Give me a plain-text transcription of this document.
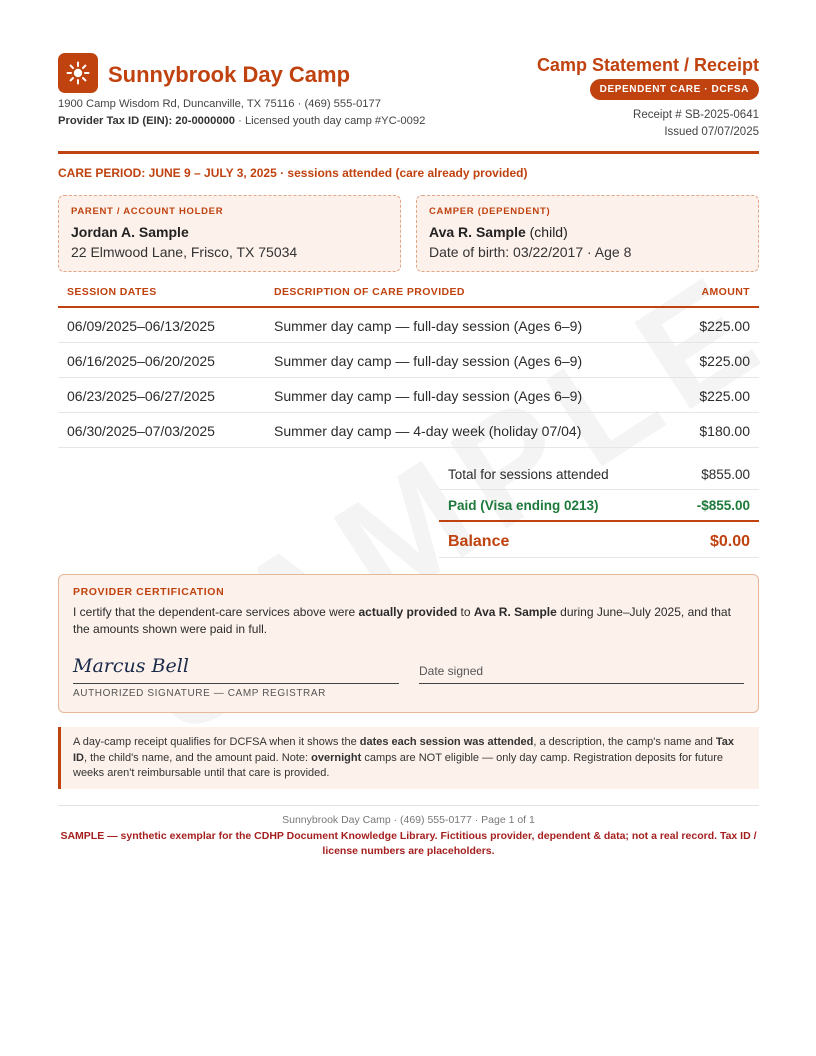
Sunnybrook Day Camp
1900 Camp Wisdom Rd, Duncanville, TX 75116 · (469) 555-0177
Provider Tax ID (EIN): 20-0000000 · Licensed youth day camp #YC-0092
Camp Statement / Receipt
DEPENDENT CARE · DCFSA
Receipt # SB-2025-0641
Issued 07/07/2025
CARE PERIOD: JUNE 9 – JULY 3, 2025 · sessions attended (care already provided)
PARENT / ACCOUNT HOLDER
Jordan A. Sample
22 Elmwood Lane, Frisco, TX 75034
CAMPER (DEPENDENT)
Ava R. Sample (child)
Date of birth: 03/22/2017 · Age 8
SESSION DATES	DESCRIPTION OF CARE PROVIDED	AMOUNT
06/09/2025–06/13/2025	Summer day camp — full-day session (Ages 6–9)	$225.00
06/16/2025–06/20/2025	Summer day camp — full-day session (Ages 6–9)	$225.00
06/23/2025–06/27/2025	Summer day camp — full-day session (Ages 6–9)	$225.00
06/30/2025–07/03/2025	Summer day camp — 4-day week (holiday 07/04)	$180.00
Total for sessions attended	$855.00
Paid (Visa ending 0213)	-$855.00
Balance	$0.00
PROVIDER CERTIFICATION
I certify that the dependent-care services above were actually provided to Ava R. Sample during June–July 2025, and that the amounts shown were paid in full.
Marcus Bell
AUTHORIZED SIGNATURE — CAMP REGISTRAR
Date signed
A day-camp receipt qualifies for DCFSA when it shows the dates each session was attended, a description, the camp's name and Tax ID, the child's name, and the amount paid. Note: overnight camps are NOT eligible — only day camp. Registration deposits for future weeks aren't reimbursable until that care is provided.
Sunnybrook Day Camp · (469) 555-0177 · Page 1 of 1
SAMPLE — synthetic exemplar for the CDHP Document Knowledge Library. Fictitious provider, dependent & data; not a real record. Tax ID / license numbers are placeholders.
